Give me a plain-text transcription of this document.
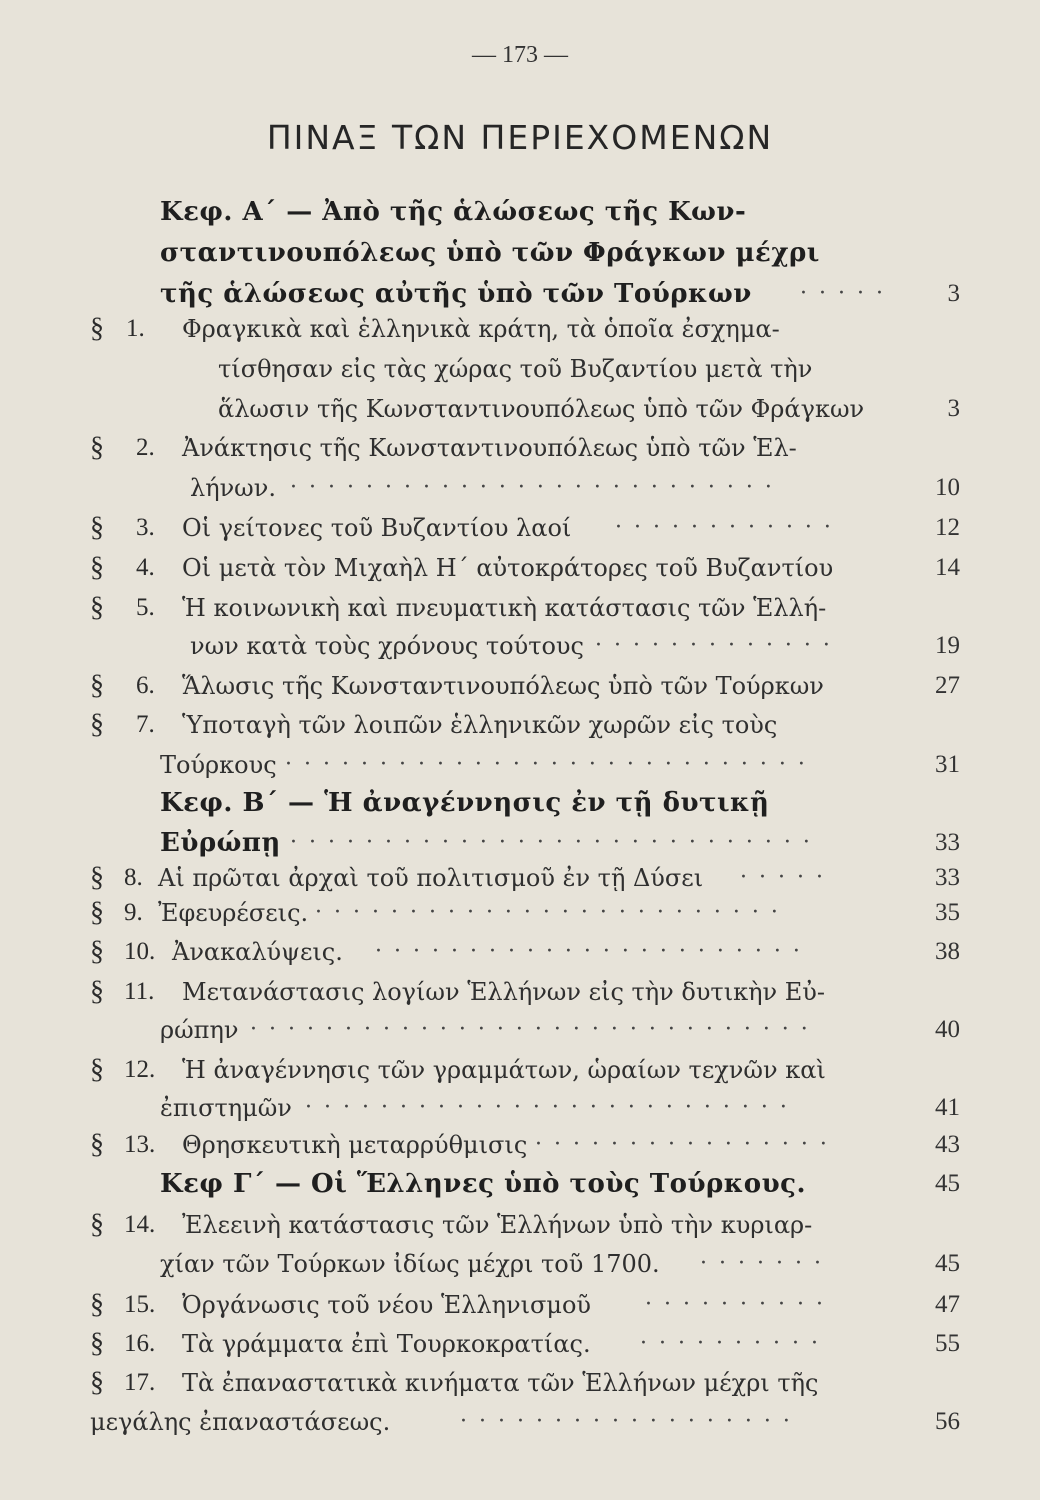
— 173 —
ΠΙΝΑΞ ΤΩΝ ΠΕΡΙΕΧΟΜΕΝΩΝ
Κεφ. Α΄ — Ἀπὸ τῆς ἁλώσεως τῆς Κων-
σταντινουπόλεως ὑπὸ τῶν Φράγκων μέχρι
τῆς ἁλώσεως αὐτῆς ὑπὸ τῶν Τούρκων ·····	3
§ 1. Φραγκικὰ καὶ ἑλληνικὰ κράτη, τὰ ὁποῖα ἐσχημα-
τίσθησαν εἰς τὰς χώρας τοῦ Βυζαντίου μετὰ τὴν
ἅλωσιν τῆς Κωνσταντινουπόλεως ὑπὸ τῶν Φράγκων	3
§ 2. Ἀνάκτησις τῆς Κωνσταντινουπόλεως ὑπὸ τῶν Ἑλ-
λήνων. ··························	10
§ 3. Οἱ γείτονες τοῦ Βυζαντίου λαοί ············	12
§ 4. Οἱ μετὰ τὸν Μιχαὴλ Η΄ αὐτοκράτορες τοῦ Βυζαντίου	14
§ 5. Ἡ κοινωνικὴ καὶ πνευματικὴ κατάστασις τῶν Ἑλλή-
νων κατὰ τοὺς χρόνους τούτους ·············	19
§ 6. Ἅλωσις τῆς Κωνσταντινουπόλεως ὑπὸ τῶν Τούρκων	27
§ 7. Ὑποταγὴ τῶν λοιπῶν ἑλληνικῶν χωρῶν εἰς τοὺς
Τούρκους ····························	31
Κεφ. Β΄ — Ἡ ἀναγέννησις ἐν τῇ δυτικῇ
Εὐρώπῃ ····························	33
§ 8. Αἱ πρῶται ἀρχαὶ τοῦ πολιτισμοῦ ἐν τῇ Δύσει ·····	33
§ 9. Ἐφευρέσεις. ·························	35
§ 10. Ἀνακαλύψεις. ·······················	38
§ 11. Μετανάστασις λογίων Ἑλλήνων εἰς τὴν δυτικὴν Εὐ-
ρώπην ······························	40
§ 12. Ἡ ἀναγέννησις τῶν γραμμάτων, ὡραίων τεχνῶν καὶ
ἐπιστημῶν ··························	41
§ 13. Θρησκευτικὴ μεταρρύθμισις ················	43
Κεφ Γ΄ — Οἱ Ἕλληνες ὑπὸ τοὺς Τούρκους.	45
§ 14. Ἐλεεινὴ κατάστασις τῶν Ἑλλήνων ὑπὸ τὴν κυριαρ-
χίαν τῶν Τούρκων ἰδίως μέχρι τοῦ 1700. ·······	45
§ 15. Ὀργάνωσις τοῦ νέου Ἑλληνισμοῦ ··········	47
§ 16. Τὰ γράμματα ἐπὶ Τουρκοκρατίας. ··········	55
§ 17. Τὰ ἐπαναστατικὰ κινήματα τῶν Ἑλλήνων μέχρι τῆς
μεγάλης ἐπαναστάσεως.	··················	56
